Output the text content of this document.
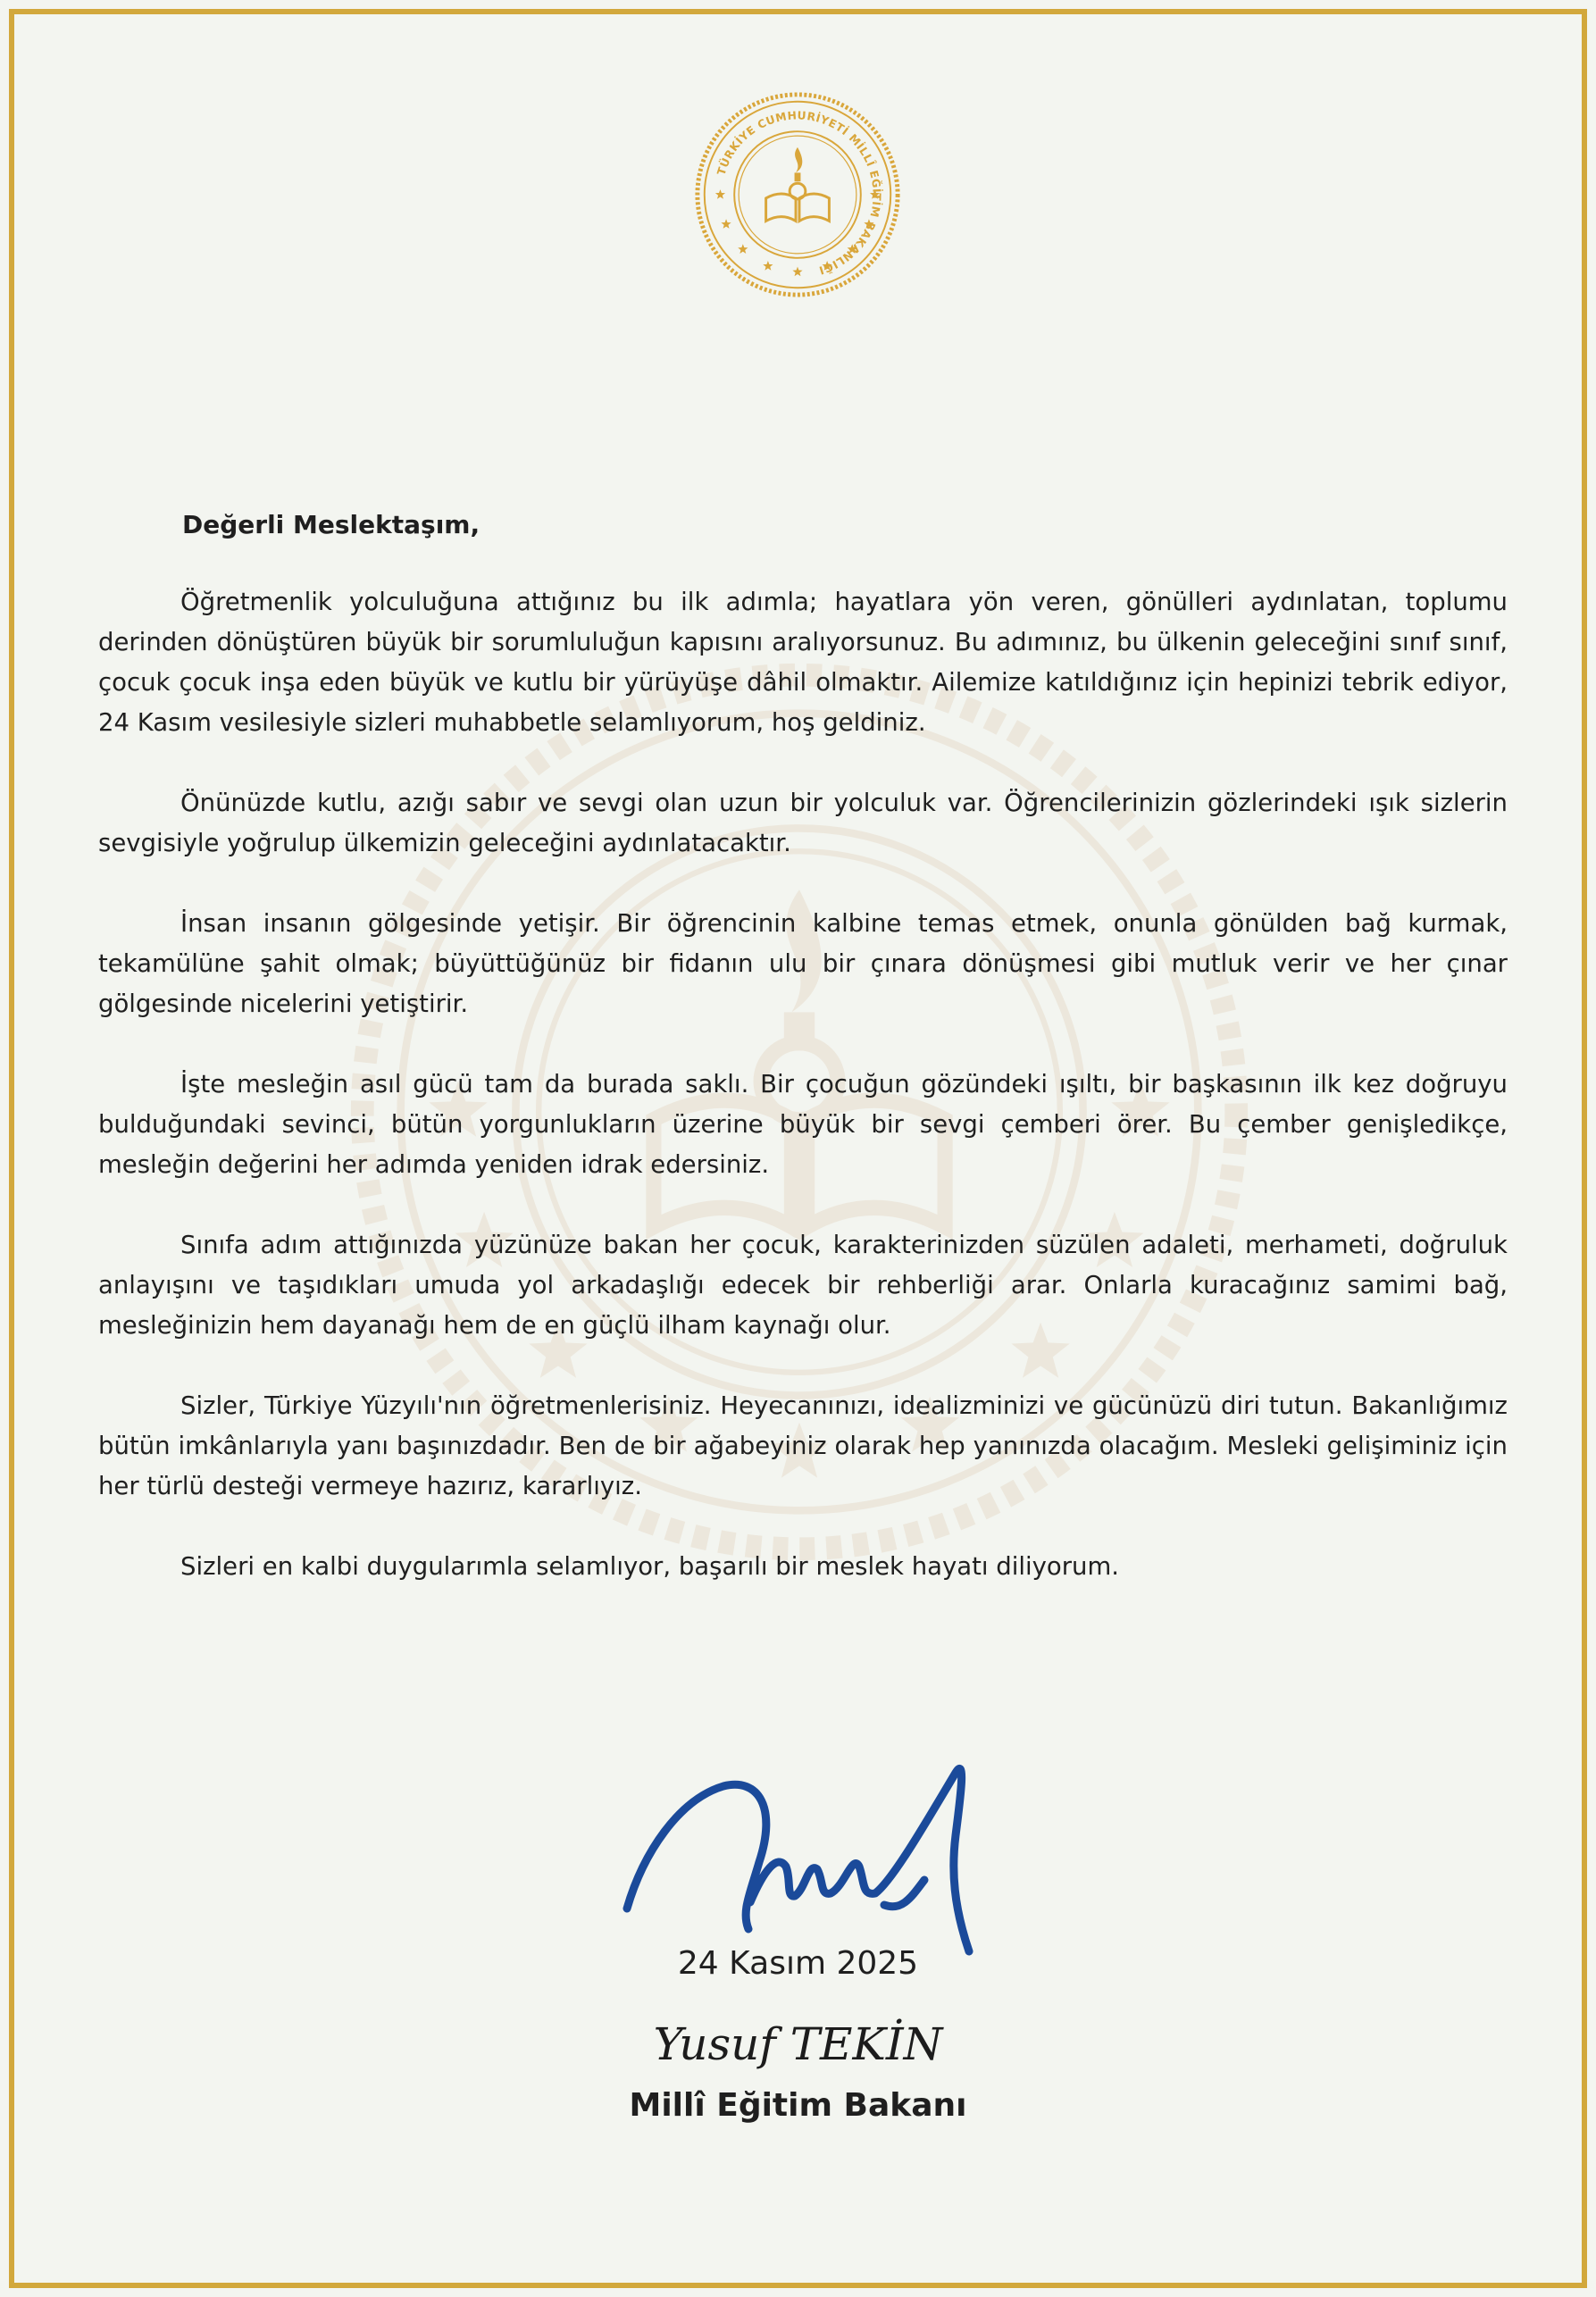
TÜRKİYE CUMHURİYETİ MİLLÎ EĞİTİM BAKANLIĞI

Değerli Meslektaşım,

Öğretmenlik yolculuğuna attığınız bu ilk adımla; hayatlara yön veren, gönülleri aydınlatan, toplumu derinden dönüştüren büyük bir sorumluluğun kapısını aralıyorsunuz. Bu adımınız, bu ülkenin geleceğini sınıf sınıf, çocuk çocuk inşa eden büyük ve kutlu bir yürüyüşe dâhil olmaktır. Ailemize katıldığınız için hepinizi tebrik ediyor, 24 Kasım vesilesiyle sizleri muhabbetle selamlıyorum, hoş geldiniz.

Önünüzde kutlu, azığı sabır ve sevgi olan uzun bir yolculuk var. Öğrencilerinizin gözlerindeki ışık sizlerin sevgisiyle yoğrulup ülkemizin geleceğini aydınlatacaktır.

İnsan insanın gölgesinde yetişir. Bir öğrencinin kalbine temas etmek, onunla gönülden bağ kurmak, tekamülüne şahit olmak; büyüttüğünüz bir fidanın ulu bir çınara dönüşmesi gibi mutluk verir ve her çınar gölgesinde nicelerini yetiştirir.

İşte mesleğin asıl gücü tam da burada saklı. Bir çocuğun gözündeki ışıltı, bir başkasının ilk kez doğruyu bulduğundaki sevinci, bütün yorgunlukların üzerine büyük bir sevgi çemberi örer. Bu çember genişledikçe, mesleğin değerini her adımda yeniden idrak edersiniz.

Sınıfa adım attığınızda yüzünüze bakan her çocuk, karakterinizden süzülen adaleti, merhameti, doğruluk anlayışını ve taşıdıkları umuda yol arkadaşlığı edecek bir rehberliği arar. Onlarla kuracağınız samimi bağ, mesleğinizin hem dayanağı hem de en güçlü ilham kaynağı olur.

Sizler, Türkiye Yüzyılı'nın öğretmenlerisiniz. Heyecanınızı, idealizminizi ve gücünüzü diri tutun. Bakanlığımız bütün imkânlarıyla yanı başınızdadır. Ben de bir ağabeyiniz olarak hep yanınızda olacağım. Mesleki gelişiminiz için her türlü desteği vermeye hazırız, kararlıyız.

Sizleri en kalbi duygularımla selamlıyor, başarılı bir meslek hayatı diliyorum.

24 Kasım 2025
Yusuf TEKİN
Millî Eğitim Bakanı
